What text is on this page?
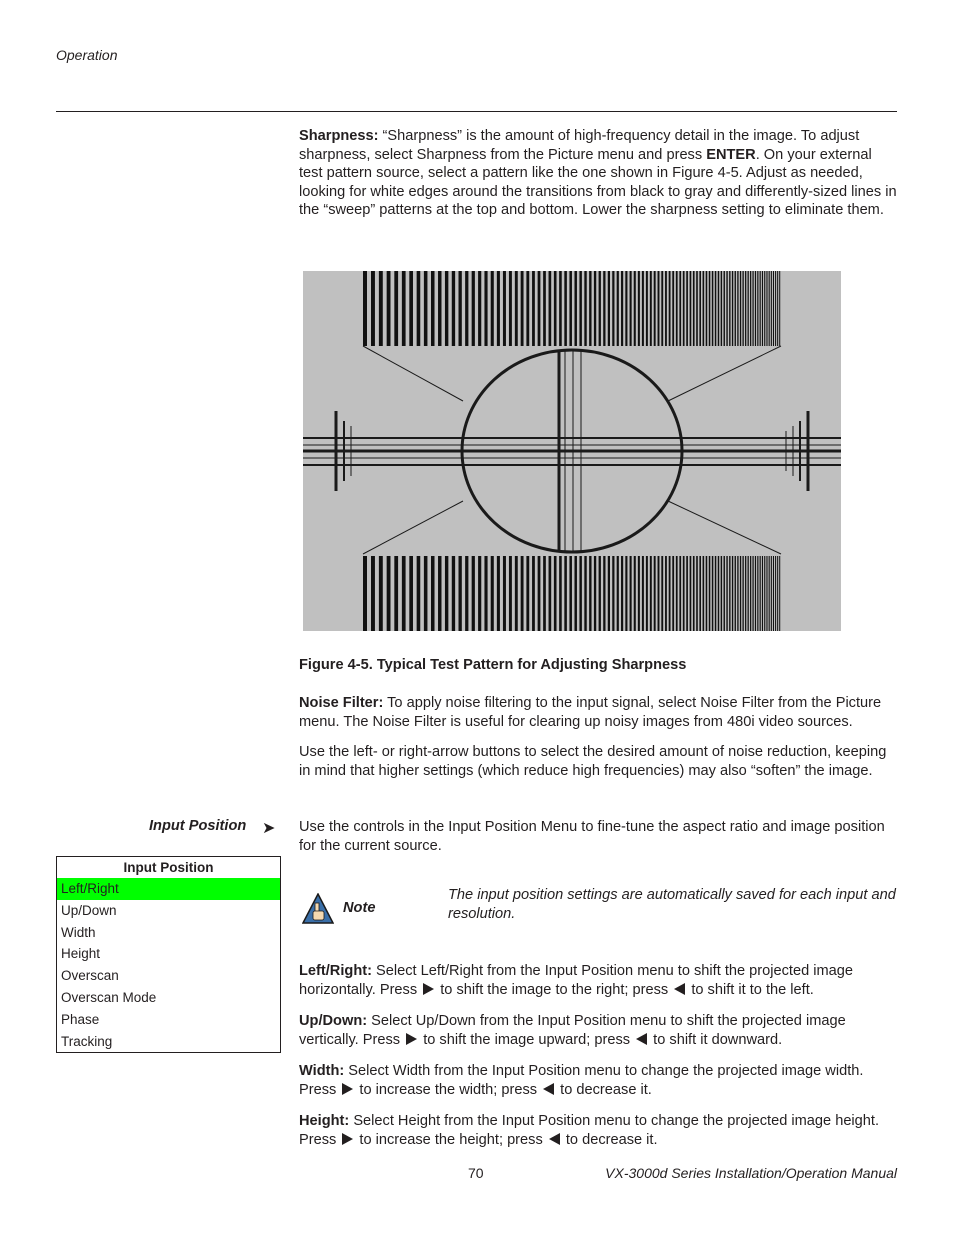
Operation

Sharpness: “Sharpness” is the amount of high-frequency detail in the image. To adjust sharpness, select Sharpness from the Picture menu and press ENTER. On your external test pattern source, select a pattern like the one shown in Figure 4-5. Adjust as needed, looking for white edges around the transitions from black to gray and differently-sized lines in the “sweep” patterns at the top and bottom. Lower the sharpness setting to eliminate them.

Figure 4-5. Typical Test Pattern for Adjusting Sharpness

Noise Filter: To apply noise filtering to the input signal, select Noise Filter from the Picture menu. The Noise Filter is useful for clearing up noisy images from 480i video sources.

Use the left- or right-arrow buttons to select the desired amount of noise reduction, keeping in mind that higher settings (which reduce high frequencies) may also “soften” the image.

Input Position ➤ Use the controls in the Input Position Menu to fine-tune the aspect ratio and image position for the current source.

Input Position
Left/Right
Up/Down
Width
Height
Overscan
Overscan Mode
Phase
Tracking
Note

The input position settings are automatically saved for each input and resolution.

Left/Right: Select Left/Right from the Input Position menu to shift the projected image horizontally. Press  to shift the image to the right; press  to shift it to the left.

Up/Down: Select Up/Down from the Input Position menu to shift the projected image vertically. Press  to shift the image upward; press  to shift it downward.

Width: Select Width from the Input Position menu to change the projected image width. Press  to increase the width; press  to decrease it.

Height: Select Height from the Input Position menu to change the projected image height. Press  to increase the height; press  to decrease it.

70	VX-3000d Series Installation/Operation Manual
